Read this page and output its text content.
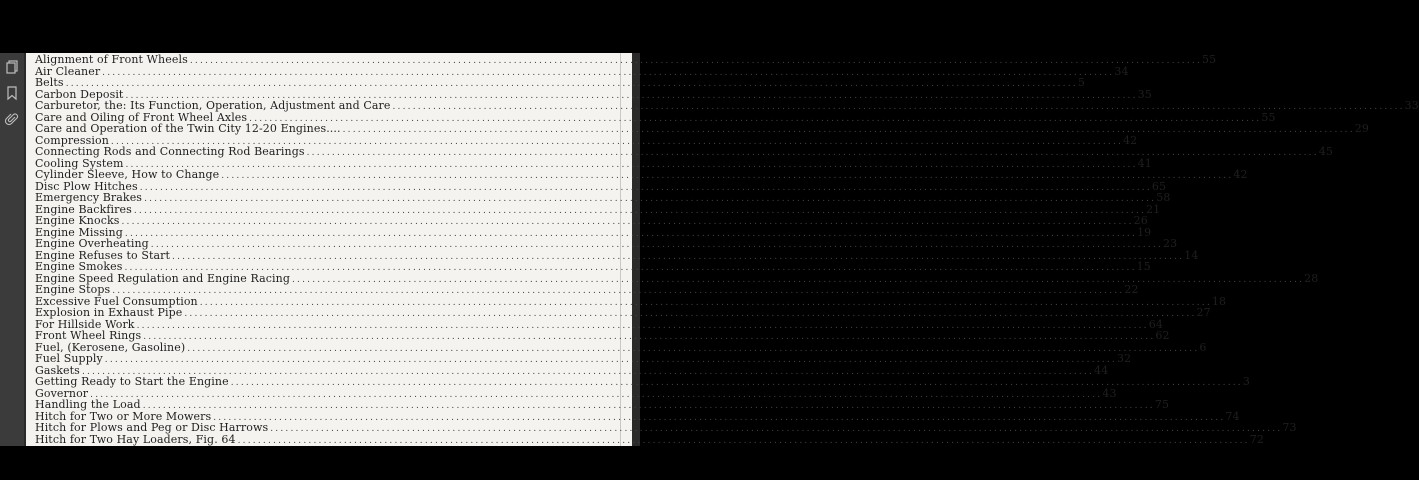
Alignment of Front Wheels ........................................................................................................................................................................................................ 55
Air Cleaner ........................................................................................................................................................................................................ 34
Belts ........................................................................................................................................................................................................ 5
Carbon Deposit ........................................................................................................................................................................................................ 35
Carburetor, the: Its Function, Operation, Adjustment and Care ........................................................................................................................................................................................................ 33
Care and Oiling of Front Wheel Axles ........................................................................................................................................................................................................ 55
Care and Operation of the Twin City 12-20 Engines.... ........................................................................................................................................................................................................ 29
Compression ........................................................................................................................................................................................................ 42
Connecting Rods and Connecting Rod Bearings ........................................................................................................................................................................................................ 45
Cooling System ........................................................................................................................................................................................................ 41
Cylinder Sleeve, How to Change ........................................................................................................................................................................................................ 42
Disc Plow Hitches ........................................................................................................................................................................................................ 65
Emergency Brakes ........................................................................................................................................................................................................ 58
Engine Backfires ........................................................................................................................................................................................................ 21
Engine Knocks ........................................................................................................................................................................................................ 26
Engine Missing ........................................................................................................................................................................................................ 19
Engine Overheating ........................................................................................................................................................................................................ 23
Engine Refuses to Start ........................................................................................................................................................................................................ 14
Engine Smokes ........................................................................................................................................................................................................ 15
Engine Speed Regulation and Engine Racing ........................................................................................................................................................................................................ 28
Engine Stops ........................................................................................................................................................................................................ 22
Excessive Fuel Consumption ........................................................................................................................................................................................................ 18
Explosion in Exhaust Pipe ........................................................................................................................................................................................................ 27
For Hillside Work ........................................................................................................................................................................................................ 64
Front Wheel Rings ........................................................................................................................................................................................................ 62
Fuel, (Kerosene, Gasoline) ........................................................................................................................................................................................................ 6
Fuel Supply ........................................................................................................................................................................................................ 32
Gaskets ........................................................................................................................................................................................................ 44
Getting Ready to Start the Engine ........................................................................................................................................................................................................ 3
Governor ........................................................................................................................................................................................................ 43
Handling the Load ........................................................................................................................................................................................................ 75
Hitch for Two or More Mowers ........................................................................................................................................................................................................ 74
Hitch for Plows and Peg or Disc Harrows ........................................................................................................................................................................................................ 73
Hitch for Two Hay Loaders, Fig. 64 ........................................................................................................................................................................................................ 72
